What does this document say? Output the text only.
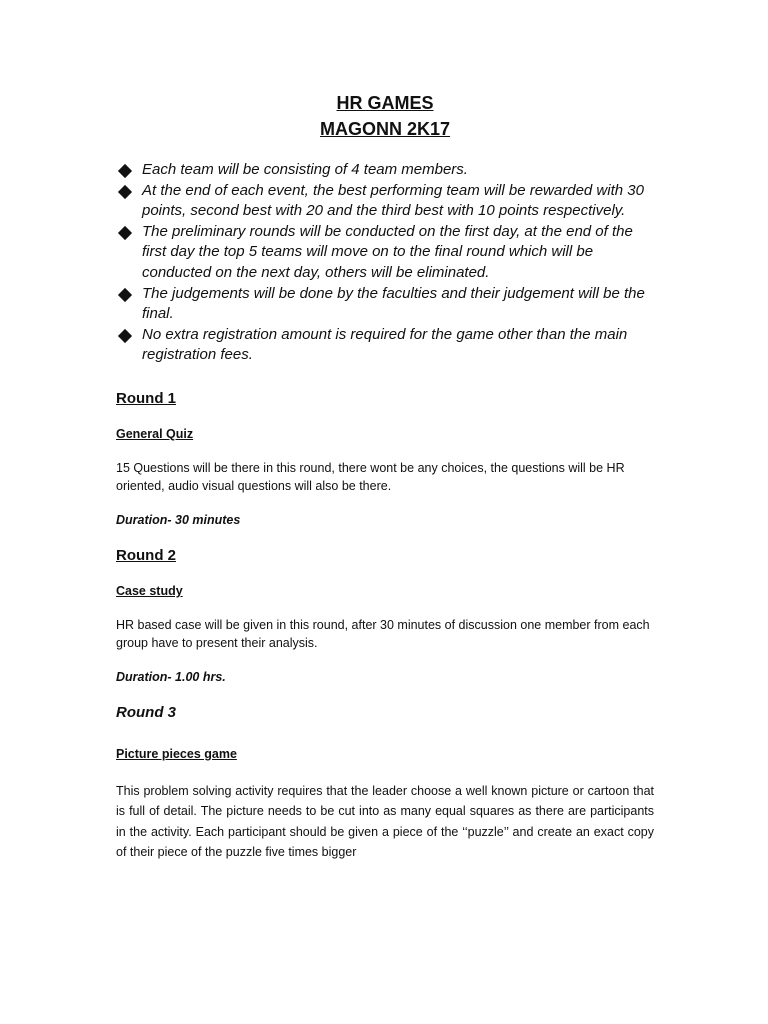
HR GAMES
MAGONN 2K17
Each team will be consisting of 4 team members.
At the end of each event, the best performing team will be rewarded with 30 points, second best with 20 and the third best with 10 points respectively.
The preliminary rounds will be conducted on the first day, at the end of the first day the top 5 teams will move on to the final round which will be conducted on the next day, others will be eliminated.
The judgements will be done by the faculties and their judgement will be the final.
No extra registration amount is required for the game other than the main registration fees.
Round 1
General Quiz

15 Questions will be there in this round, there wont be any choices, the questions will be HR oriented, audio visual questions will also be there.

Duration- 30 minutes

Round 2
Case study

HR based case will be given in this round, after 30 minutes of discussion one member from each group have to present their analysis.

Duration- 1.00 hrs.

Round 3
Picture pieces game

This problem solving activity requires that the leader choose a well known picture or cartoon that is full of detail. The picture needs to be cut into as many equal squares as there are participants in the activity. Each participant should be given a piece of the ‘‘puzzle’’ and create an exact copy of their piece of the puzzle five times bigger
